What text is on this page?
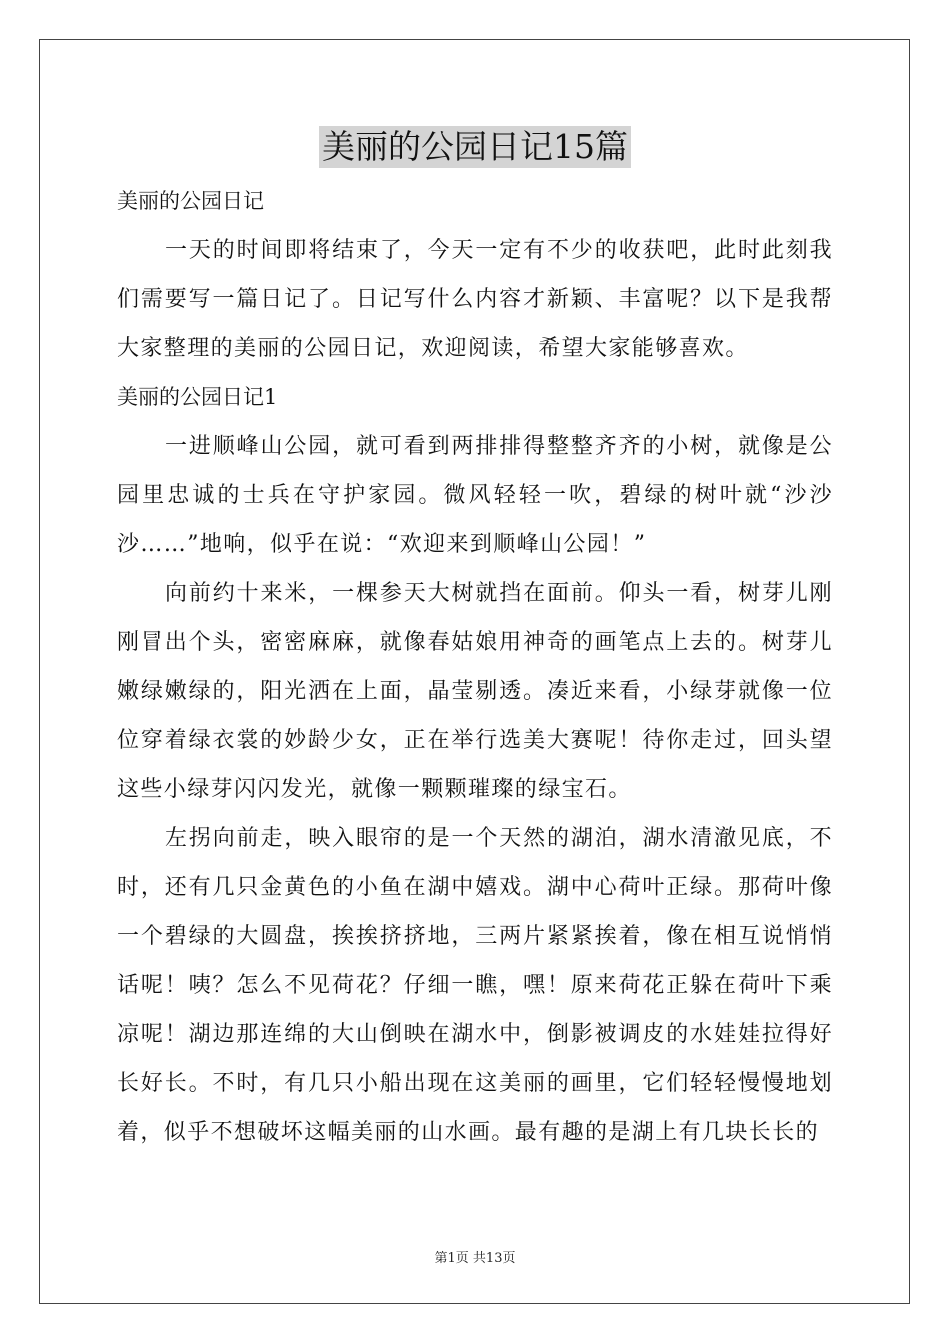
美丽的公园日记15篇

美丽的公园日记

一天的时间即将结束了，今天一定有不少的收获吧，此时此刻我们需要写一篇日记了。日记写什么内容才新颖、丰富呢？以下是我帮大家整理的美丽的公园日记，欢迎阅读，希望大家能够喜欢。

美丽的公园日记1

一进顺峰山公园，就可看到两排排得整整齐齐的小树，就像是公园里忠诚的士兵在守护家园。微风轻轻一吹，碧绿的树叶就“沙沙沙……”地响，似乎在说：“欢迎来到顺峰山公园！”

向前约十来米，一棵参天大树就挡在面前。仰头一看，树芽儿刚刚冒出个头，密密麻麻，就像春姑娘用神奇的画笔点上去的。树芽儿嫩绿嫩绿的，阳光洒在上面，晶莹剔透。凑近来看，小绿芽就像一位位穿着绿衣裳的妙龄少女，正在举行选美大赛呢！待你走过，回头望这些小绿芽闪闪发光，就像一颗颗璀璨的绿宝石。

左拐向前走，映入眼帘的是一个天然的湖泊，湖水清澈见底，不时，还有几只金黄色的小鱼在湖中嬉戏。湖中心荷叶正绿。那荷叶像一个碧绿的大圆盘，挨挨挤挤地，三两片紧紧挨着，像在相互说悄悄话呢！咦？怎么不见荷花？仔细一瞧，嘿！原来荷花正躲在荷叶下乘凉呢！湖边那连绵的大山倒映在湖水中，倒影被调皮的水娃娃拉得好长好长。不时，有几只小船出现在这美丽的画里，它们轻轻慢慢地划着，似乎不想破坏这幅美丽的山水画。最有趣的是湖上有几块长长的

第1页 共13页
